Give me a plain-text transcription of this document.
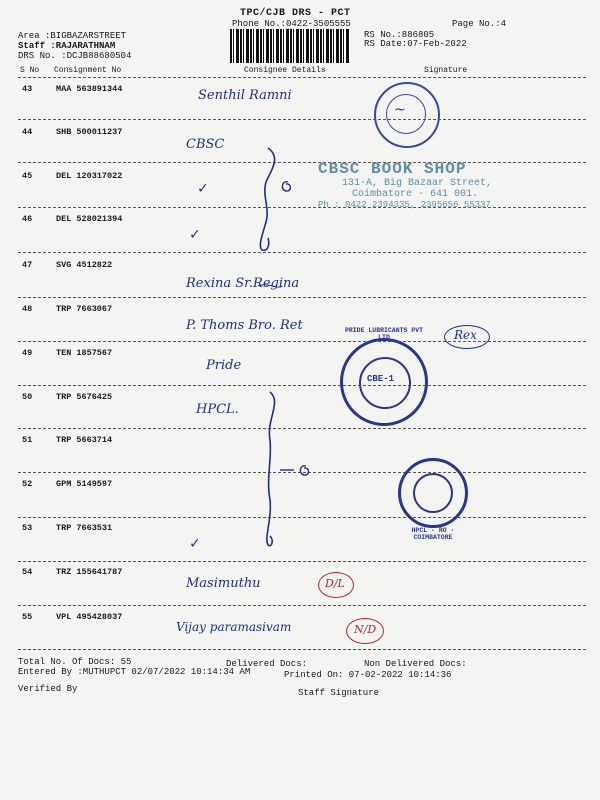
TPC/CJB DRS - PCT
Phone No.:0422-3505555	Page No.:4
Area :BIGBAZARSTREET
Staff :RAJARATHNAM
DRS No. :DCJB88680504
RS No.:886805
RS Date:07-Feb-2022
S No Consignment No	Consignee Details	Signature
43	MAA 563891344	Senthil Ramni
44	SHB 500011237
CBSC
45	DEL 120317022
✓
46	DEL 528021394
✓
47	SVG 4512822
Rexina Sr.Regina
48	TRP 7663067
P. Thoms Bro. Ret
49	TEN 1857567
Pride
50	TRP 5676425
HPCL.
51	TRP 5663714
52	GPM 5149597
53	TRP 7663531
✓
54	TRZ 155641787
Masimuthu
55	VPL 495428037
Vijay paramasivam
Rex
D/L
N/D
~
CBSC BOOK SHOP
131-A, Big Bazaar Street,
Coimbatore - 641 001.
Ph : 0422 2394335, 2395656 55337
PRIDE LUBRICANTS PVT LTD
CBE-1
HPCL - RO - COIMBATORE
Total No. Of Docs: 55	Delivered Docs:	Non Delivered Docs:
Entered By :MUTHUPCT 02/07/2022 10:14:34 AM	Printed On: 07-02-2022 10:14:36
Verified By	Staff Signature
